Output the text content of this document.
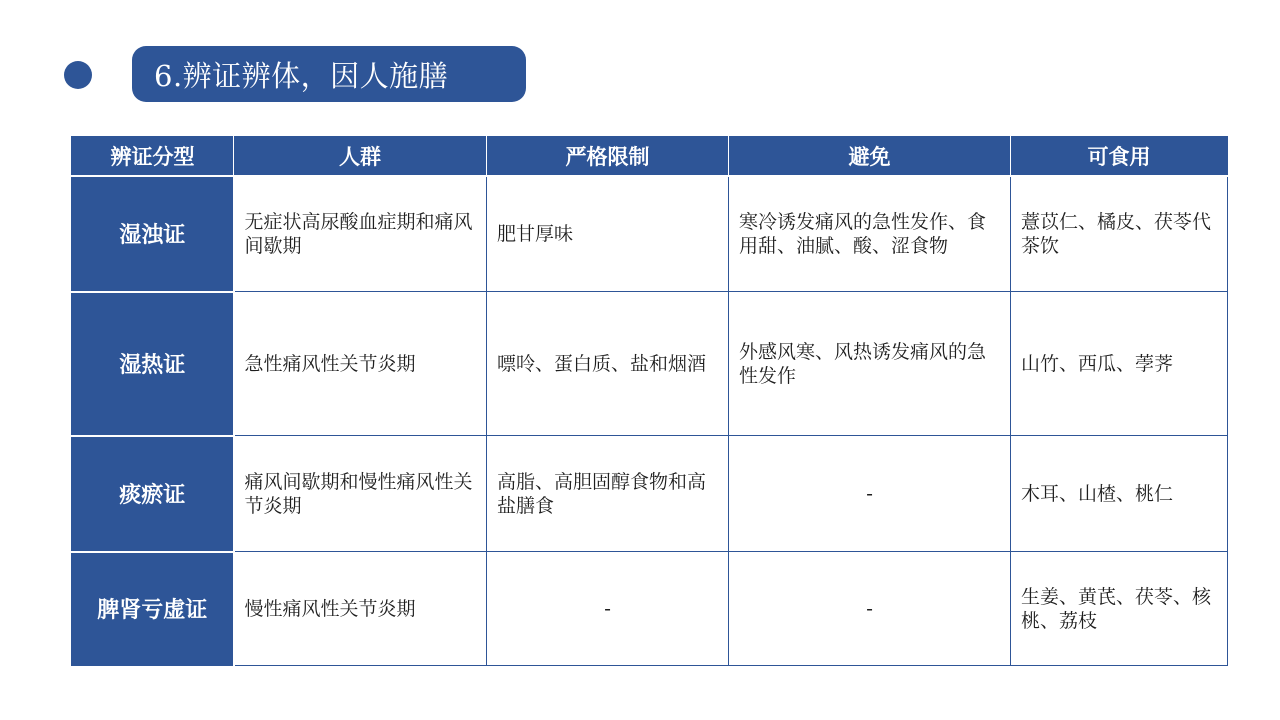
6.辨证辨体，因人施膳
辨证分型	人群	严格限制	避免	可食用
湿浊证	无症状高尿酸血症期和痛风间歇期	肥甘厚味	寒冷诱发痛风的急性发作、食用甜、油腻、酸、涩食物	薏苡仁、橘皮、茯苓代茶饮
湿热证	急性痛风性关节炎期	嘌呤、蛋白质、盐和烟酒	外感风寒、风热诱发痛风的急性发作	山竹、西瓜、荸荠
痰瘀证	痛风间歇期和慢性痛风性关节炎期	高脂、高胆固醇食物和高盐膳食	-	木耳、山楂、桃仁
脾肾亏虚证	慢性痛风性关节炎期	-	-	生姜、黄芪、茯苓、核桃、荔枝
